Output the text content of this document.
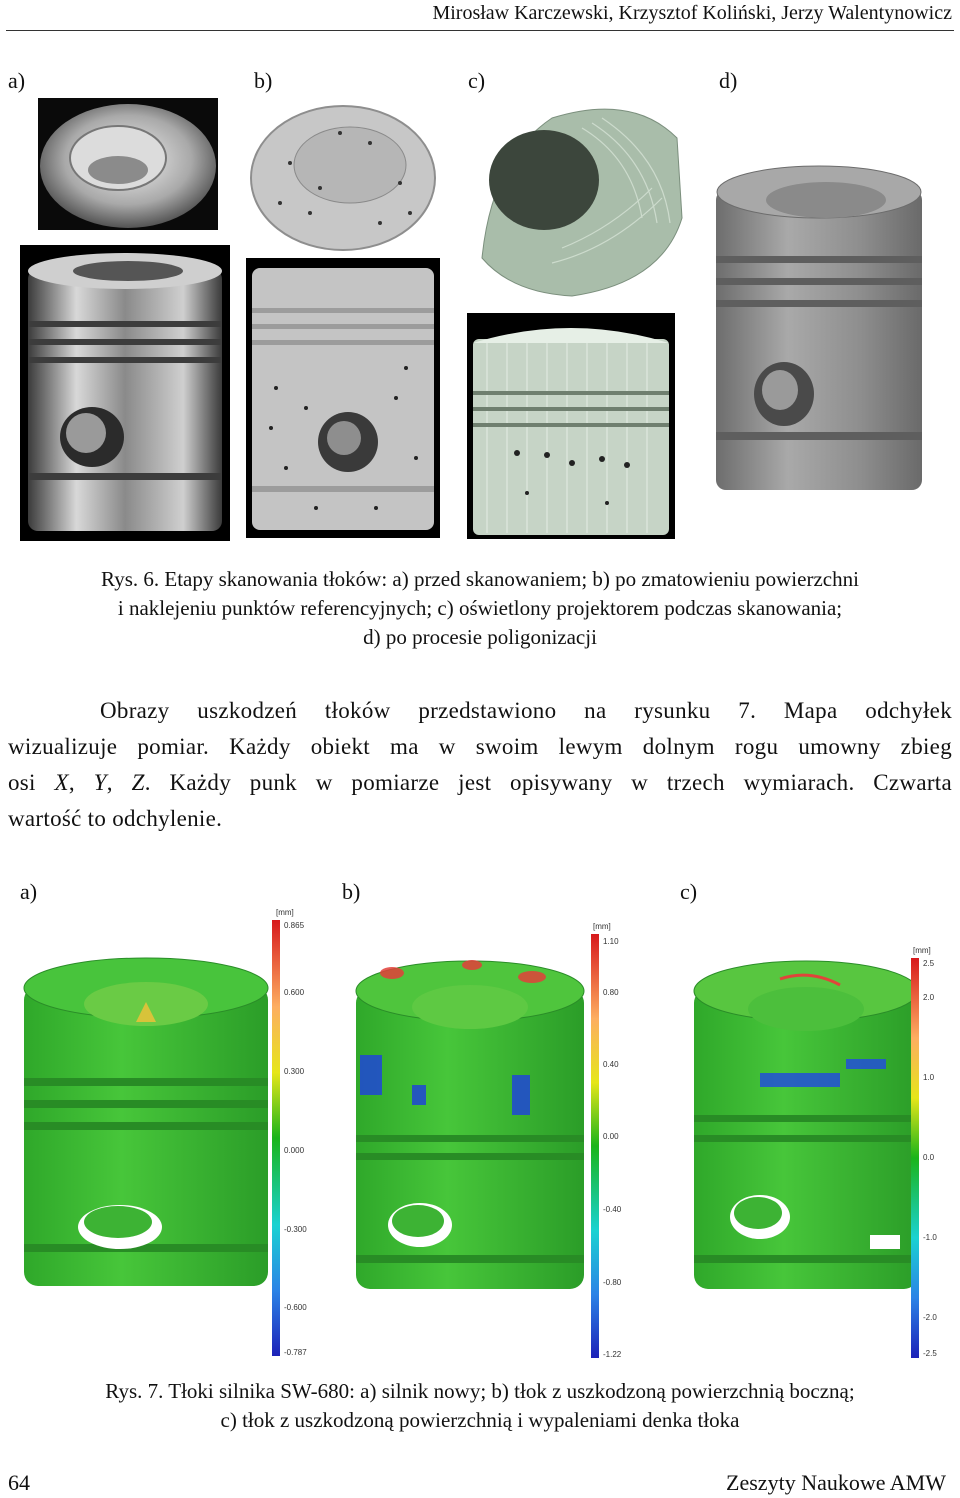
Mirosław Karczewski, Krzysztof Koliński, Jerzy Walentynowicz
a)	b)	c)	d)
Rys. 6. Etapy skanowania tłoków: a) przed skanowaniem; b) po zmatowieniu powierzchni
i naklejeniu punktów referencyjnych; c) oświetlony projektorem podczas skanowania;
d) po procesie poligonizacji
Obrazy uszkodzeń tłoków przedstawiono na rysunku 7. Mapa odchyłek
wizualizuje pomiar. Każdy obiekt ma w swoim lewym dolnym rogu umowny zbieg
osi X, Y, Z. Każdy punk w pomiarze jest opisywany w trzech wymiarach. Czwarta
wartość to odchylenie.
a)	b)	c)
[mm]
0.865
0.600
0.300
0.000
-0.300
-0.600
-0.787
[mm]
1.10
0.80
0.40
0.00
-0.40
-0.80
-1.22
[mm]
2.5
2.0
1.0
0.0
-1.0
-2.0
-2.5
Rys. 7. Tłoki silnika SW-680: a) silnik nowy; b) tłok z uszkodzoną powierzchnią boczną;
c) tłok z uszkodzoną powierzchnią i wypaleniami denka tłoka
64	Zeszyty Naukowe AMW
